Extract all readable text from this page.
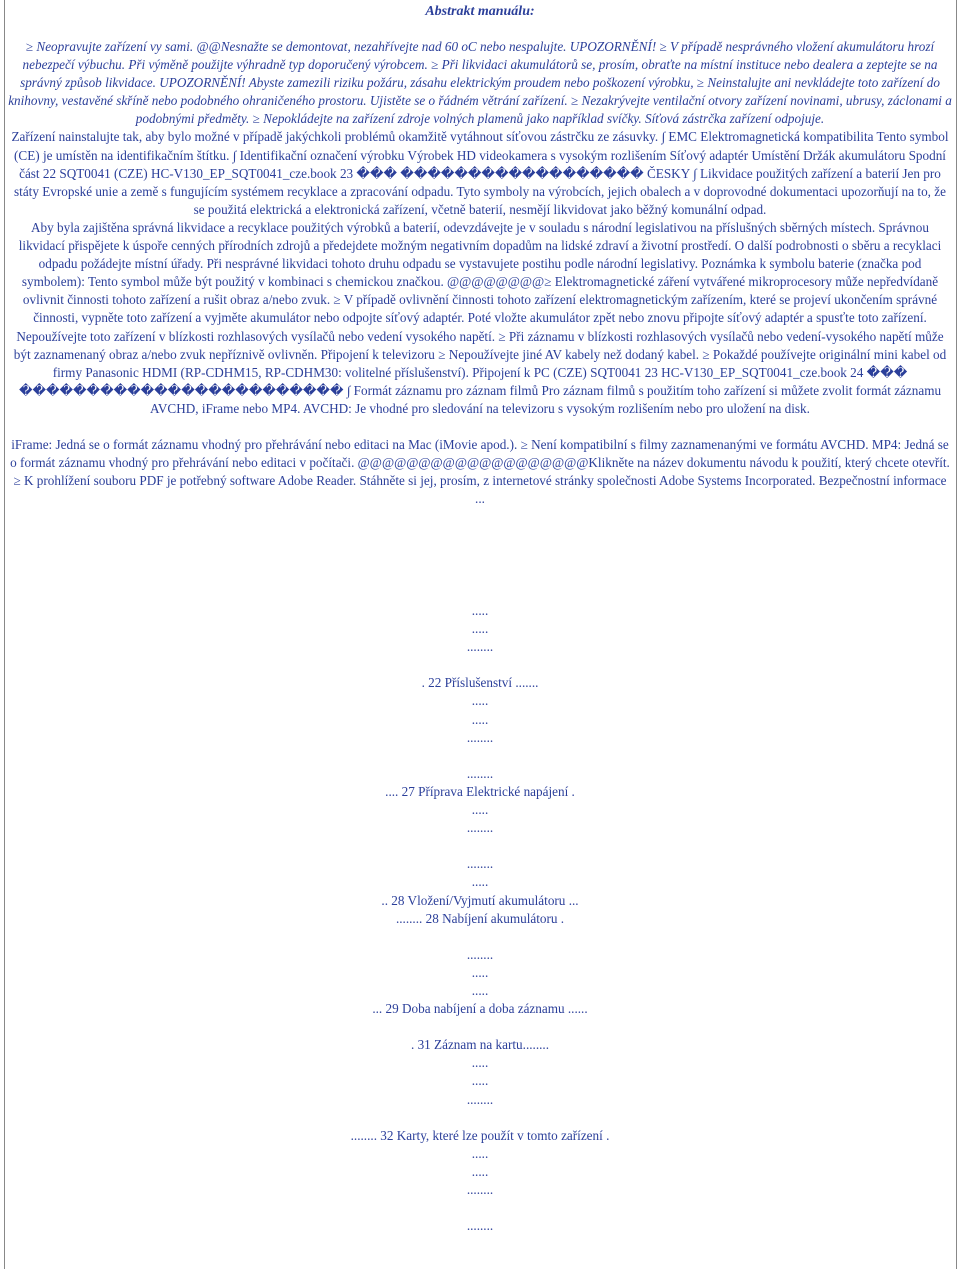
Abstrakt manuálu:

≥ Neopravujte zařízení vy sami. @@Nesnažte se demontovat, nezahřívejte nad 60 oC nebo nespalujte. UPOZORNĚNÍ! ≥ V případě nesprávného vložení akumulátoru hrozí nebezpečí výbuchu. Při výměně použijte výhradně typ doporučený výrobcem. ≥ Při likvidaci akumulátorů se, prosím, obraťte na místní instituce nebo dealera a zeptejte se na správný způsob likvidace. UPOZORNĚNÍ! Abyste zamezili riziku požáru, zásahu elektrickým proudem nebo poškození výrobku, ≥ Neinstalujte ani nevkládejte toto zařízení do knihovny, vestavěné skříně nebo podobného ohraničeného prostoru. Ujistěte se o řádném větrání zařízení. ≥ Nezakrývejte ventilační otvory zařízení novinami, ubrusy, záclonami a podobnými předměty. ≥ Nepokládejte na zařízení zdroje volných plamenů jako například svíčky. Síťová zástrčka zařízení odpojuje.

Zařízení nainstalujte tak, aby bylo možné v případě jakýchkoli problémů okamžitě vytáhnout síťovou zástrčku ze zásuvky. ∫ EMC Elektromagnetická kompatibilita Tento symbol (CE) je umístěn na identifikačním štítku. ∫ Identifikační označení výrobku Výrobek HD videokamera s vysokým rozlišením Síťový adaptér Umístění Držák akumulátoru Spodní část 22 SQT0041 (CZE) HC-V130_EP_SQT0041_cze.book 23 ��� ������������������ ČESKY ∫ Likvidace použitých zařízení a baterií Jen pro státy Evropské unie a země s fungujícím systémem recyklace a zpracování odpadu. Tyto symboly na výrobcích, jejich obalech a v doprovodné dokumentaci upozorňují na to, že se použitá elektrická a elektronická zařízení, včetně baterií, nesmějí likvidovat jako běžný komunální odpad.

Aby byla zajištěna správná likvidace a recyklace použitých výrobků a baterií, odevzdávejte je v souladu s národní legislativou na příslušných sběrných místech. Správnou likvidací přispějete k úspoře cenných přírodních zdrojů a předejdete možným negativním dopadům na lidské zdraví a životní prostředí. O další podrobnosti o sběru a recyklaci odpadu požádejte místní úřady. Při nesprávné likvidaci tohoto druhu odpadu se vystavujete postihu podle národní legislativy. Poznámka k symbolu baterie (značka pod symbolem): Tento symbol může být použitý v kombinaci s chemickou značkou. @@@@@@@@≥ Elektromagnetické záření vytvářené mikroprocesory může nepředvídaně ovlivnit činnosti tohoto zařízení a rušit obraz a/nebo zvuk. ≥ V případě ovlivnění činnosti tohoto zařízení elektromagnetickým zařízením, které se projeví ukončením správné činnosti, vypněte toto zařízení a vyjměte akumulátor nebo odpojte síťový adaptér. Poté vložte akumulátor zpět nebo znovu připojte síťový adaptér a spusťte toto zařízení. Nepoužívejte toto zařízení v blízkosti rozhlasových vysílačů nebo vedení vysokého napětí. ≥ Při záznamu v blízkosti rozhlasových vysílačů nebo vedení-vysokého napětí může být zaznamenaný obraz a/nebo zvuk nepříznivě ovlivněn. Připojení k televizoru ≥ Nepoužívejte jiné AV kabely než dodaný kabel. ≥ Pokaždé používejte originální mini kabel od firmy Panasonic HDMI (RP-CDHM15, RP-CDHM30: volitelné příslušenství). Připojení k PC (CZE) SQT0041 23 HC-V130_EP_SQT0041_cze.book 24 ��� ������������������������ ∫ Formát záznamu pro záznam filmů Pro záznam filmů s použitím toho zařízení si můžete zvolit formát záznamu AVCHD, iFrame nebo MP4. AVCHD: Je vhodné pro sledování na televizoru s vysokým rozlišením nebo pro uložení na disk.

iFrame: Jedná se o formát záznamu vhodný pro přehrávání nebo editaci na Mac (iMovie apod.). ≥ Není kompatibilní s filmy zaznamenanými ve formátu AVCHD. MP4: Jedná se o formát záznamu vhodný pro přehrávání nebo editaci v počítači. @@@@@@@@@@@@@@@@@@@Klikněte na název dokumentu návodu k použití, který chcete otevřít. ≥ K prohlížení souboru PDF je potřebný software Adobe Reader. Stáhněte si jej, prosím, z internetové stránky společnosti Adobe Systems Incorporated. Bezpečnostní informace ...

.....
.....
........

. 22 Příslušenství .......
.....
.....
........

........
.... 27 Příprava Elektrické napájení .
.....
........

........
.....
.. 28 Vložení/Vyjmutí akumulátoru ...
........ 28 Nabíjení akumulátoru .

........
.....
.....
... 29 Doba nabíjení a doba záznamu ......

. 31 Záznam na kartu........
.....
.....
........

........ 32 Karty, které lze použít v tomto zařízení .
.....
.....
........

........
